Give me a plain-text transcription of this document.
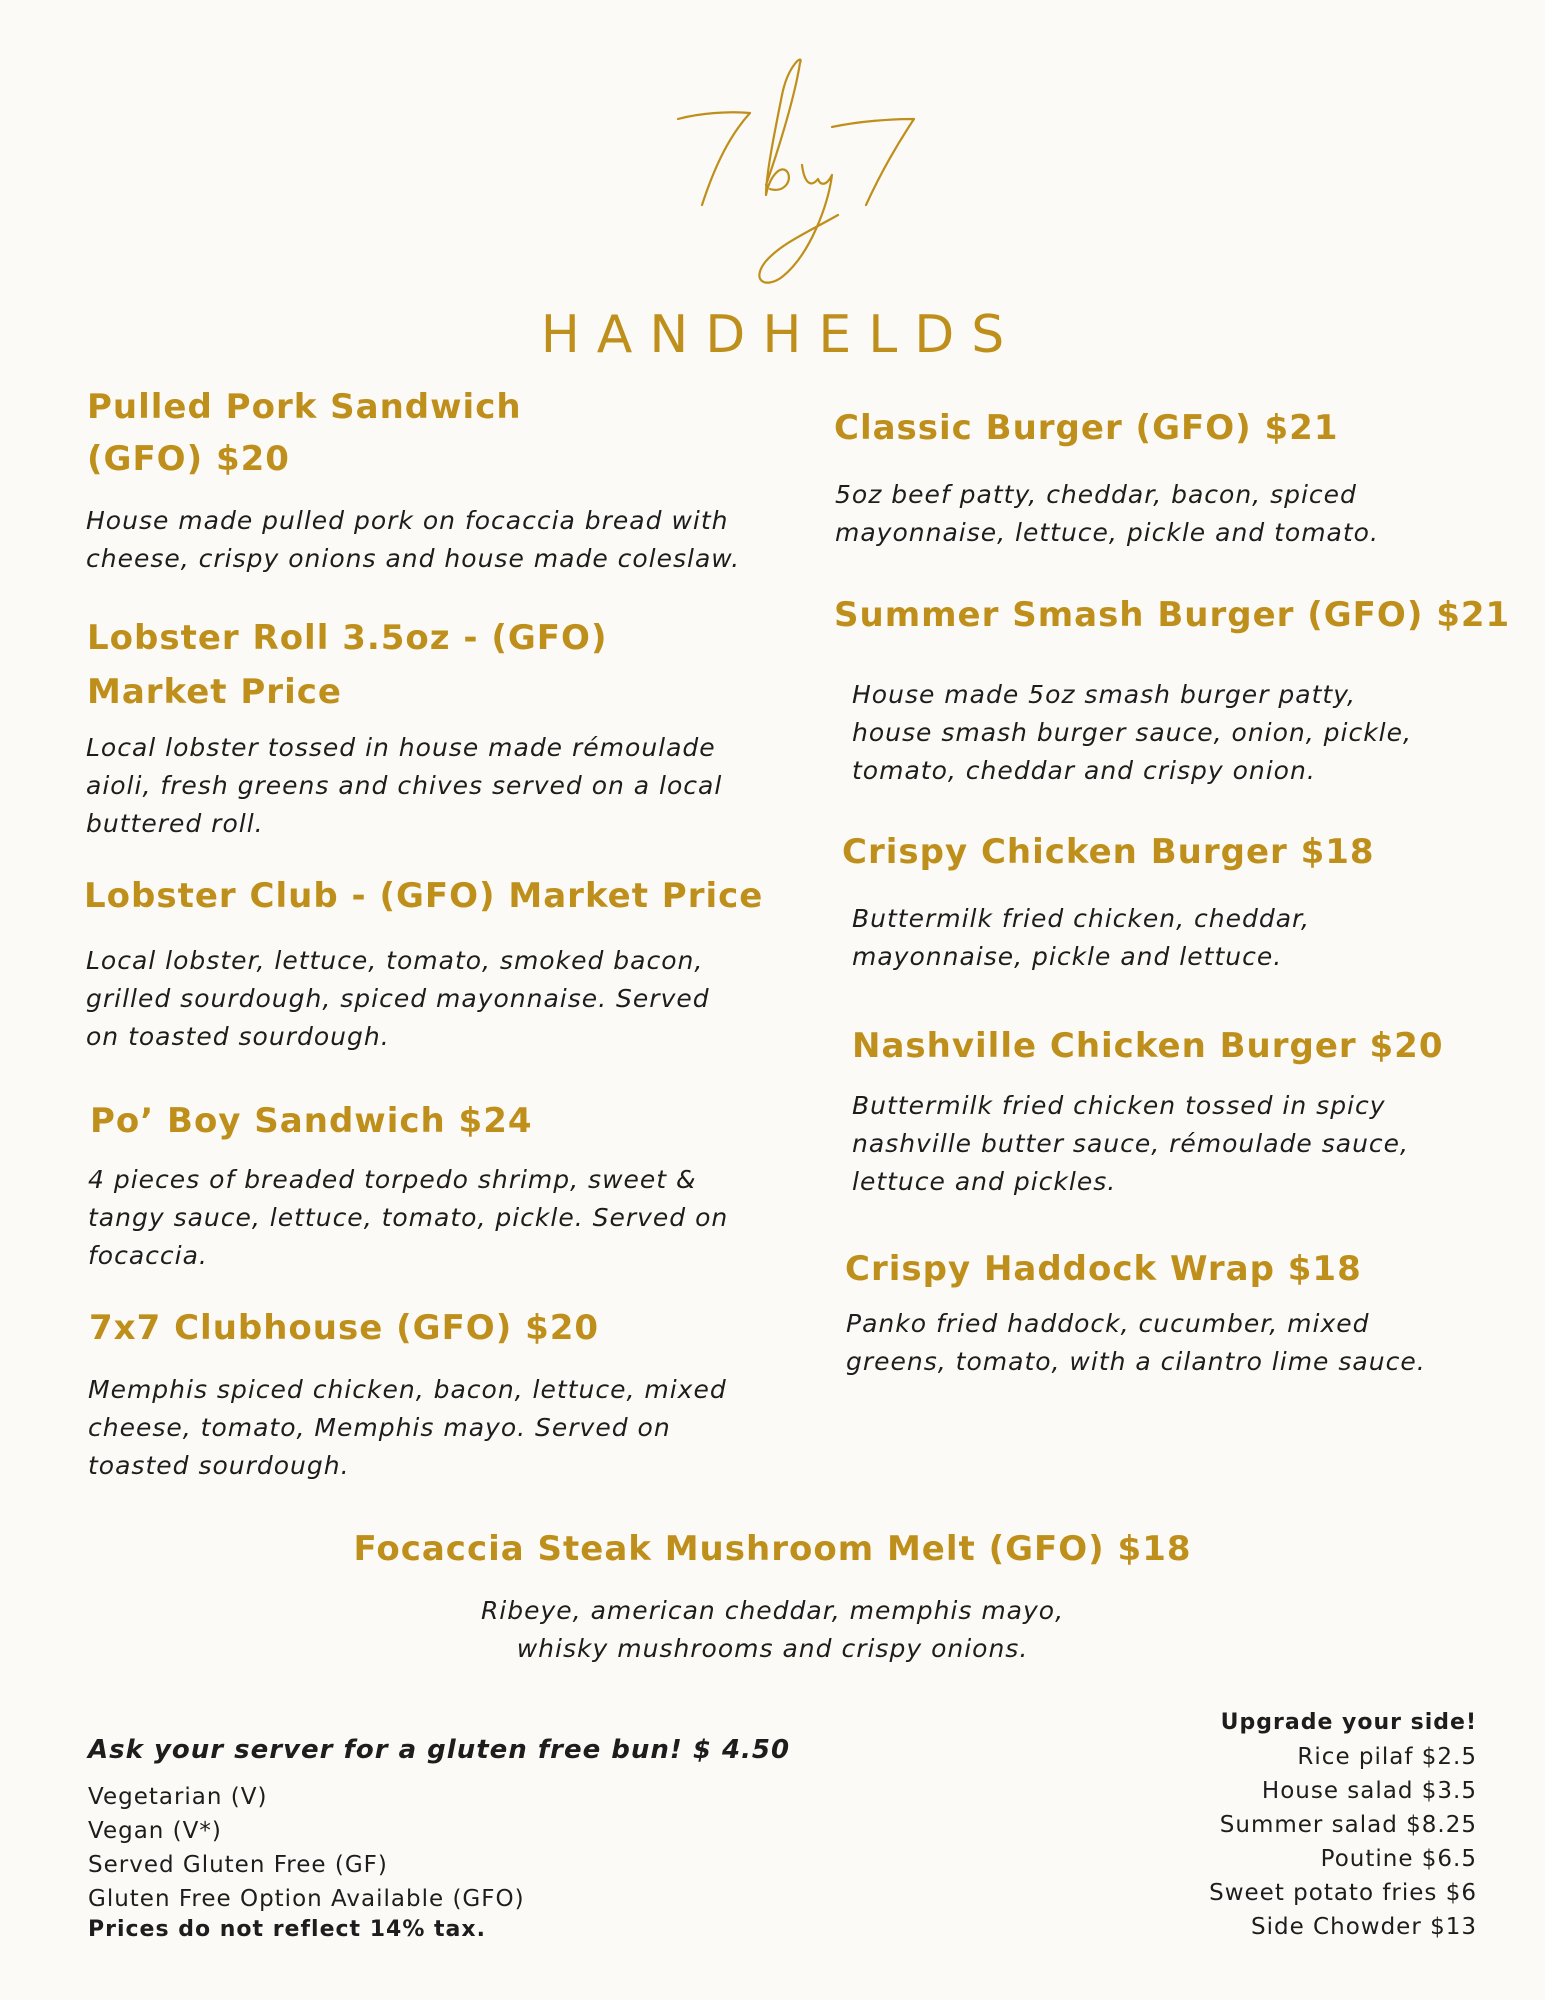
HANDHELDS
Pulled Pork Sandwich
(GFO) $20

House made pulled pork on focaccia bread with

cheese, crispy onions and house made coleslaw.

Lobster Roll 3.5oz - (GFO)
Market Price

Local lobster tossed in house made rémoulade

aioli, fresh greens and chives served on a local

buttered roll.

Lobster Club - (GFO) Market Price

Local lobster, lettuce, tomato, smoked bacon,

grilled sourdough, spiced mayonnaise. Served

on toasted sourdough.

Po’ Boy Sandwich $24

4 pieces of breaded torpedo shrimp, sweet &

tangy sauce, lettuce, tomato, pickle. Served on

focaccia.

7x7 Clubhouse (GFO) $20

Memphis spiced chicken, bacon, lettuce, mixed

cheese, tomato, Memphis mayo. Served on

toasted sourdough.

Classic Burger (GFO) $21

5oz beef patty, cheddar, bacon, spiced

mayonnaise, lettuce, pickle and tomato.

Summer Smash Burger (GFO) $21

House made 5oz smash burger patty,

house smash burger sauce, onion, pickle,

tomato, cheddar and crispy onion.

Crispy Chicken Burger $18

Buttermilk fried chicken, cheddar,

mayonnaise, pickle and lettuce.

Nashville Chicken Burger $20

Buttermilk fried chicken tossed in spicy

nashville butter sauce, rémoulade sauce,

lettuce and pickles.

Crispy Haddock Wrap $18

Panko fried haddock, cucumber, mixed

greens, tomato, with a cilantro lime sauce.

Focaccia Steak Mushroom Melt (GFO) $18

Ribeye, american cheddar, memphis mayo,

whisky mushrooms and crispy onions.

Ask your server for a gluten free bun! $ 4.50
Vegetarian (V)
Vegan (V*)
Served Gluten Free (GF)
Gluten Free Option Available (GFO)
Prices do not reflect 14% tax.
Upgrade your side!
Rice pilaf $2.5
House salad $3.5
Summer salad $8.25
Poutine $6.5
Sweet potato fries $6
Side Chowder $13
